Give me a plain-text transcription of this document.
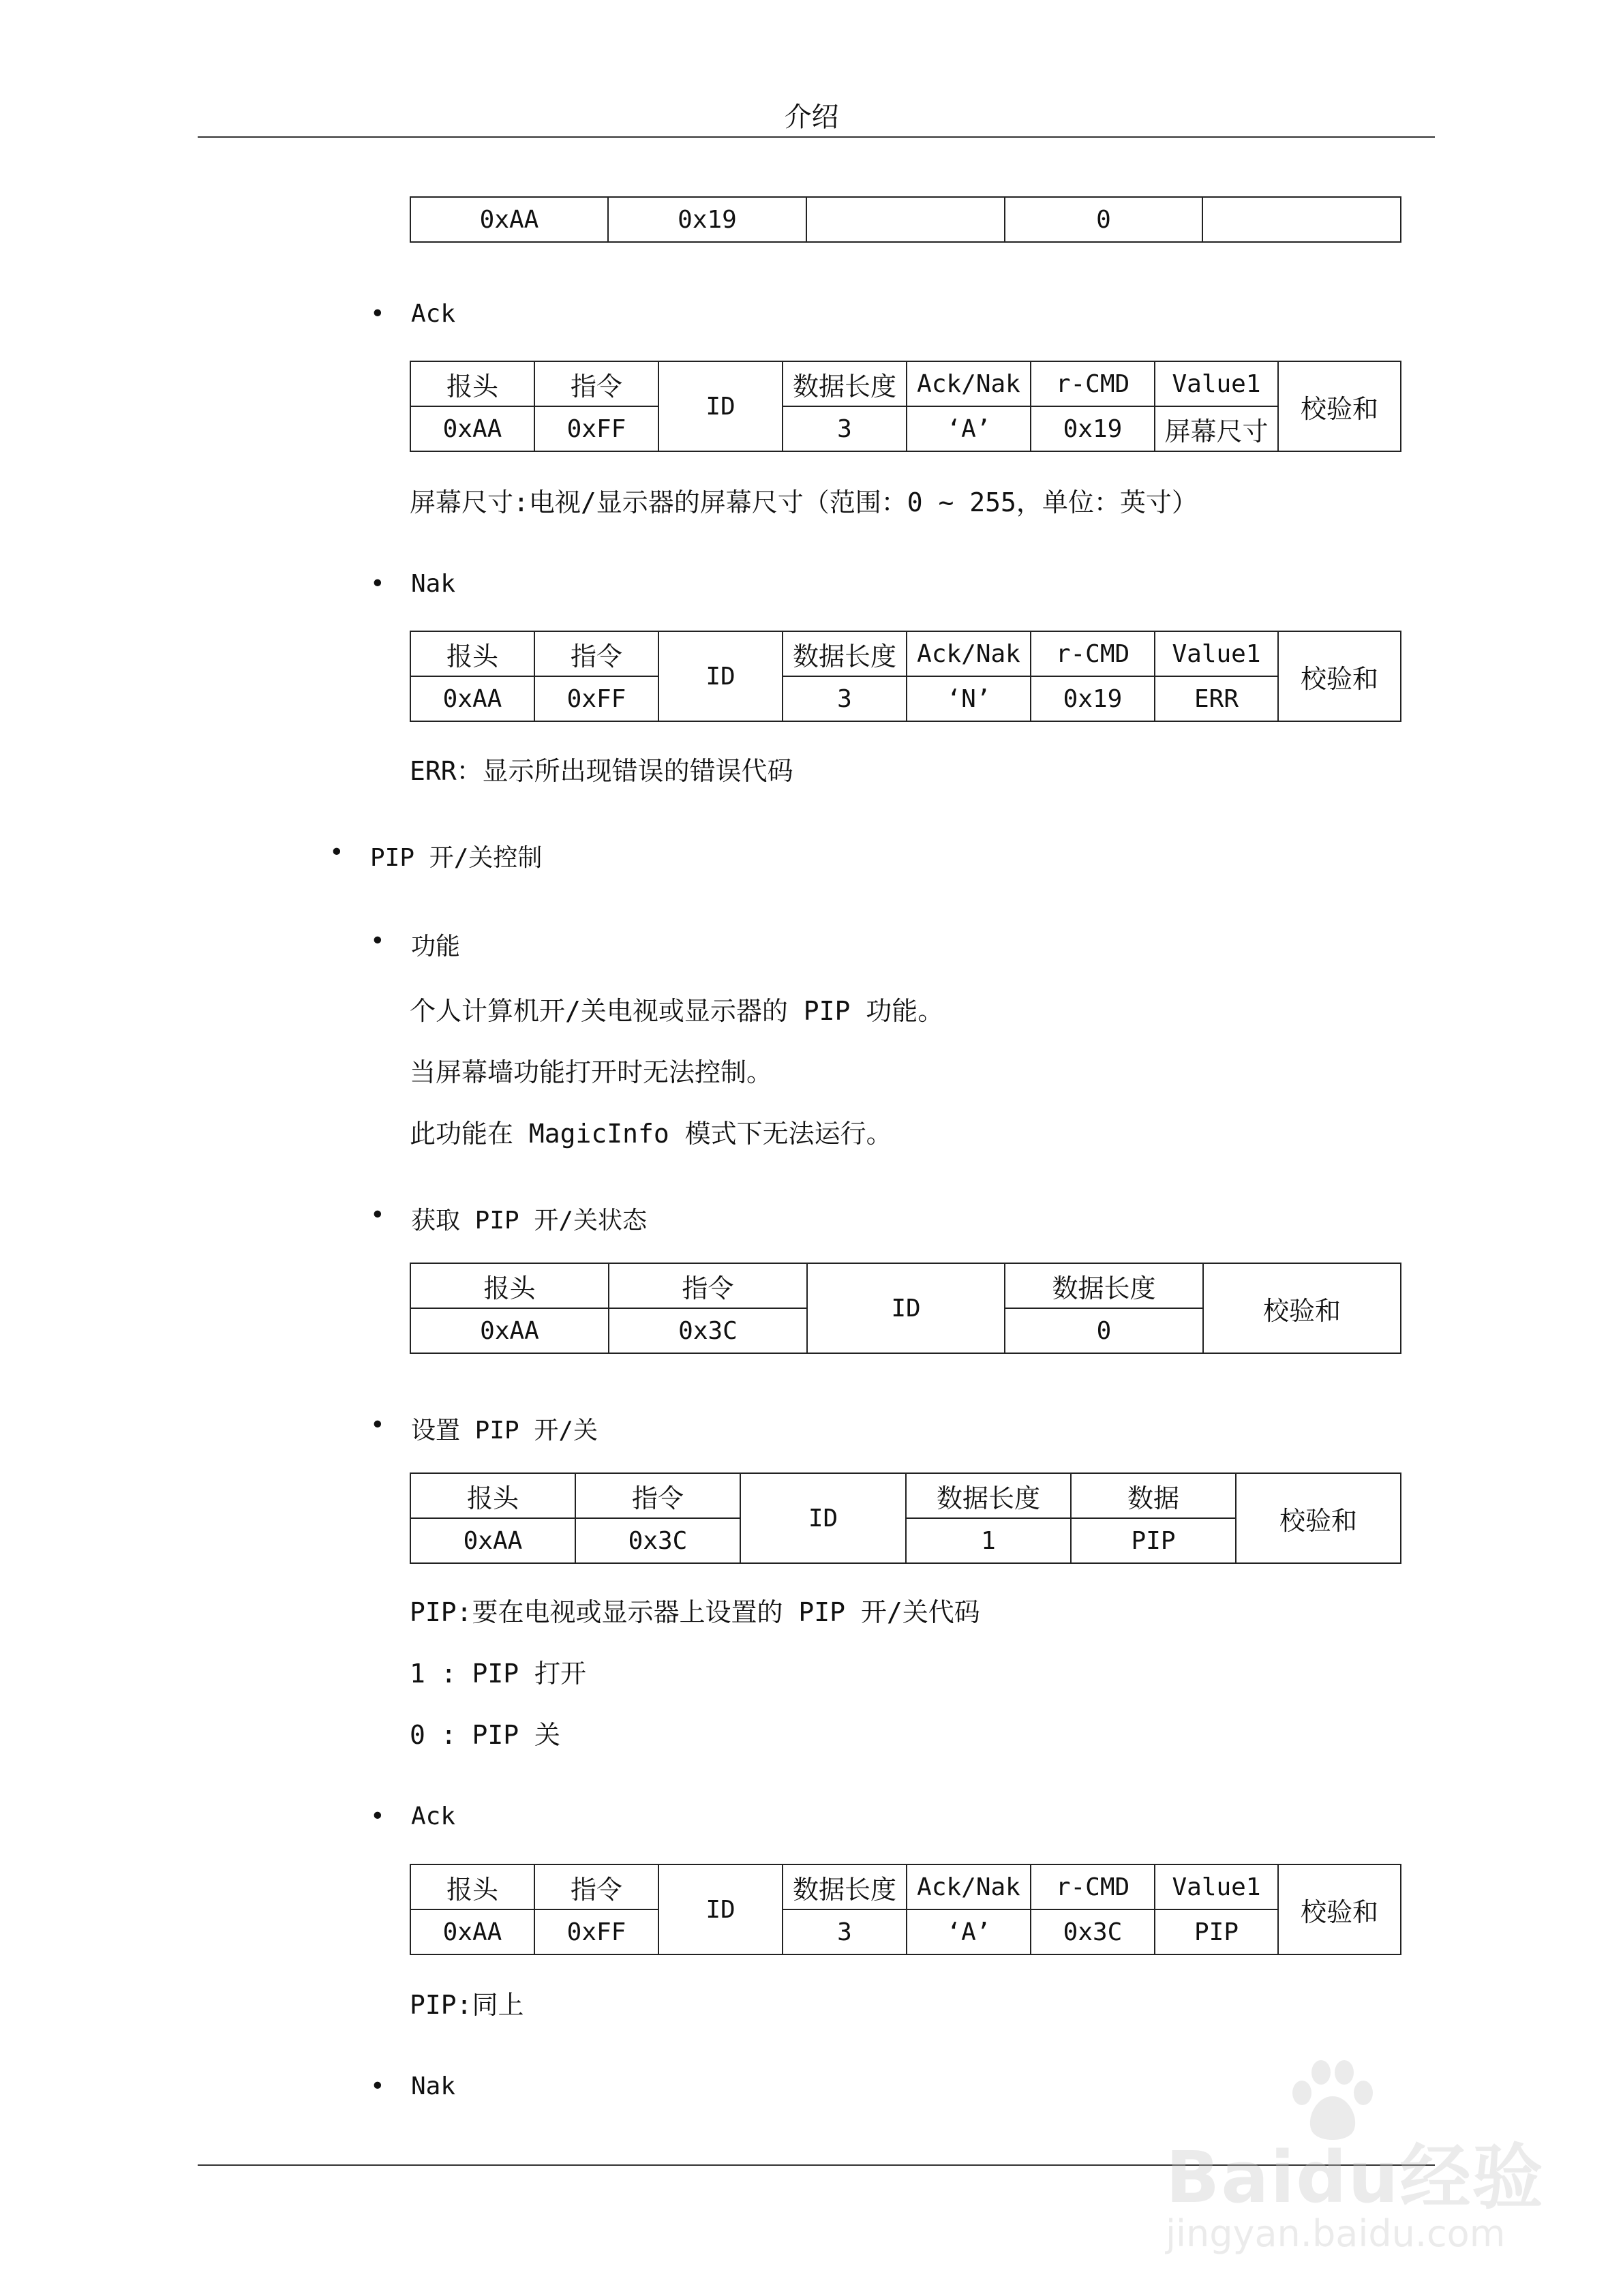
介绍
0xAA	0x19		0	
• Ack
报头	指令	ID	数据长度	Ack/Nak	r-CMD	Value1	校验和
0xAA	0xFF		3	‘A’	0x19	屏幕尺寸	
屏幕尺寸:电视/显示器的屏幕尺寸（范围：0 ~ 255，单位：英寸）
• Nak
报头	指令	ID	数据长度	Ack/Nak	r-CMD	Value1	校验和
0xAA	0xFF		3	‘N’	0x19	ERR	
ERR：显示所出现错误的错误代码
• PIP 开/关控制
• 功能
个人计算机开/关电视或显示器的 PIP 功能。
当屏幕墙功能打开时无法控制。
此功能在 MagicInfo 模式下无法运行。
• 获取 PIP 开/关状态
报头	指令	ID	数据长度	校验和
0xAA	0x3C		0	
• 设置 PIP 开/关
报头	指令	ID	数据长度	数据	校验和
0xAA	0x3C		1	PIP	
PIP:要在电视或显示器上设置的 PIP 开/关代码
1 : PIP 打开
0 : PIP 关
• Ack
报头	指令	ID	数据长度	Ack/Nak	r-CMD	Value1	校验和
0xAA	0xFF		3	‘A’	0x3C	PIP	
PIP:同上
• Nak
Baidu经验
jingyan.baidu.com
